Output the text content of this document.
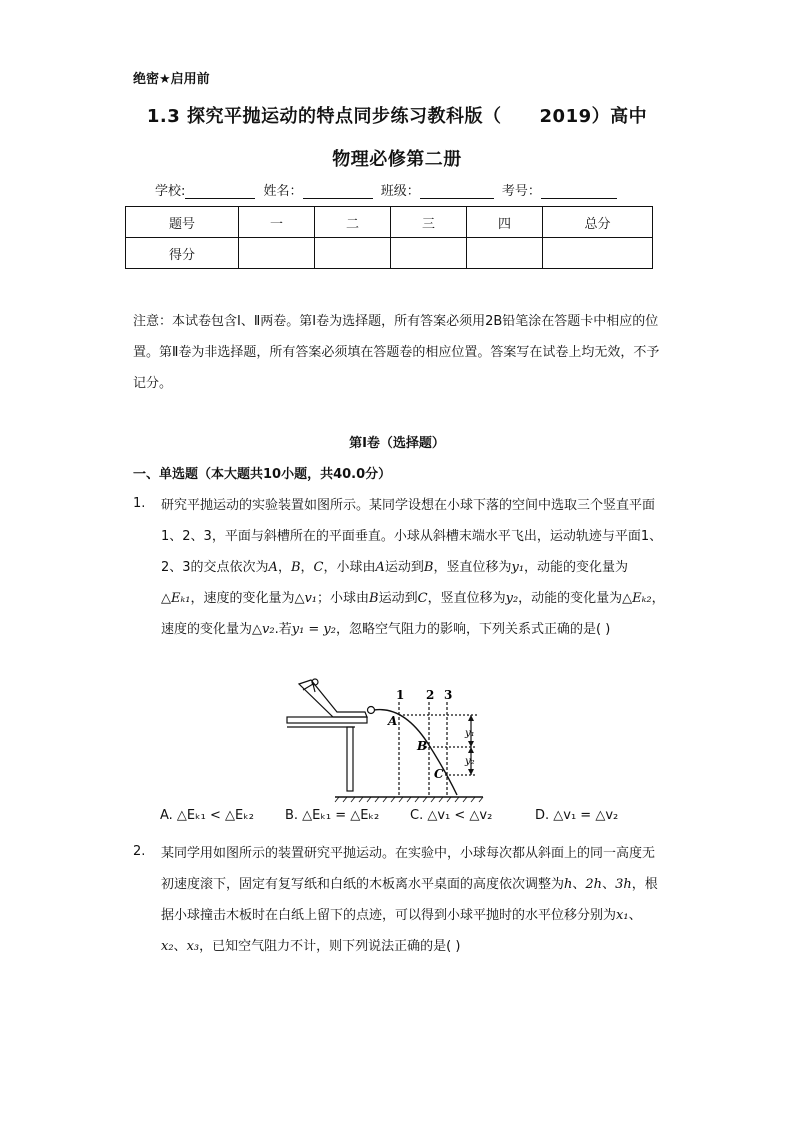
绝密★启用前
1.3 探究平抛运动的特点同步练习教科版（ 2019）高中
物理必修第二册
学校:	姓名：	班级：	考号：
题号	一	二	三	四	总分
得分					
注意：本试卷包含Ⅰ、Ⅱ两卷。第Ⅰ卷为选择题，所有答案必须用2B铅笔涂在答题卡中相应的位置。第Ⅱ卷为非选择题，所有答案必须填在答题卷的相应位置。答案写在试卷上均无效，不予记分。
第Ⅰ卷（选择题）
一、单选题（本大题共10小题，共40.0分）
1. 研究平抛运动的实验装置如图所示。某同学设想在小球下落的空间中选取三个竖直平面1、2、3，平面与斜槽所在的平面垂直。小球从斜槽末端水平飞出，运动轨迹与平面1、2、3的交点依次为A，B，C，小球由A运动到B，竖直位移为y₁，动能的变化量为△Eₖ₁，速度的变化量为△v₁；小球由B运动到C，竖直位移为y₂，动能的变化量为△Eₖ₂，速度的变化量为△v₂.若y₁ = y₂，忽略空气阻力的影响，下列关系式正确的是( )
1 2 3
A
B
C
y₁
y₂
A. △Eₖ₁ < △Eₖ₂ B. △Eₖ₁ = △Eₖ₂ C. △v₁ < △v₂	D. △v₁ = △v₂
2. 某同学用如图所示的装置研究平抛运动。在实验中，小球每次都从斜面上的同一高度无初速度滚下，固定有复写纸和白纸的木板离水平桌面的高度依次调整为h、2h、3h，根据小球撞击木板时在白纸上留下的点迹，可以得到小球平抛时的水平位移分别为x₁、x₂、x₃，已知空气阻力不计，则下列说法正确的是( )
